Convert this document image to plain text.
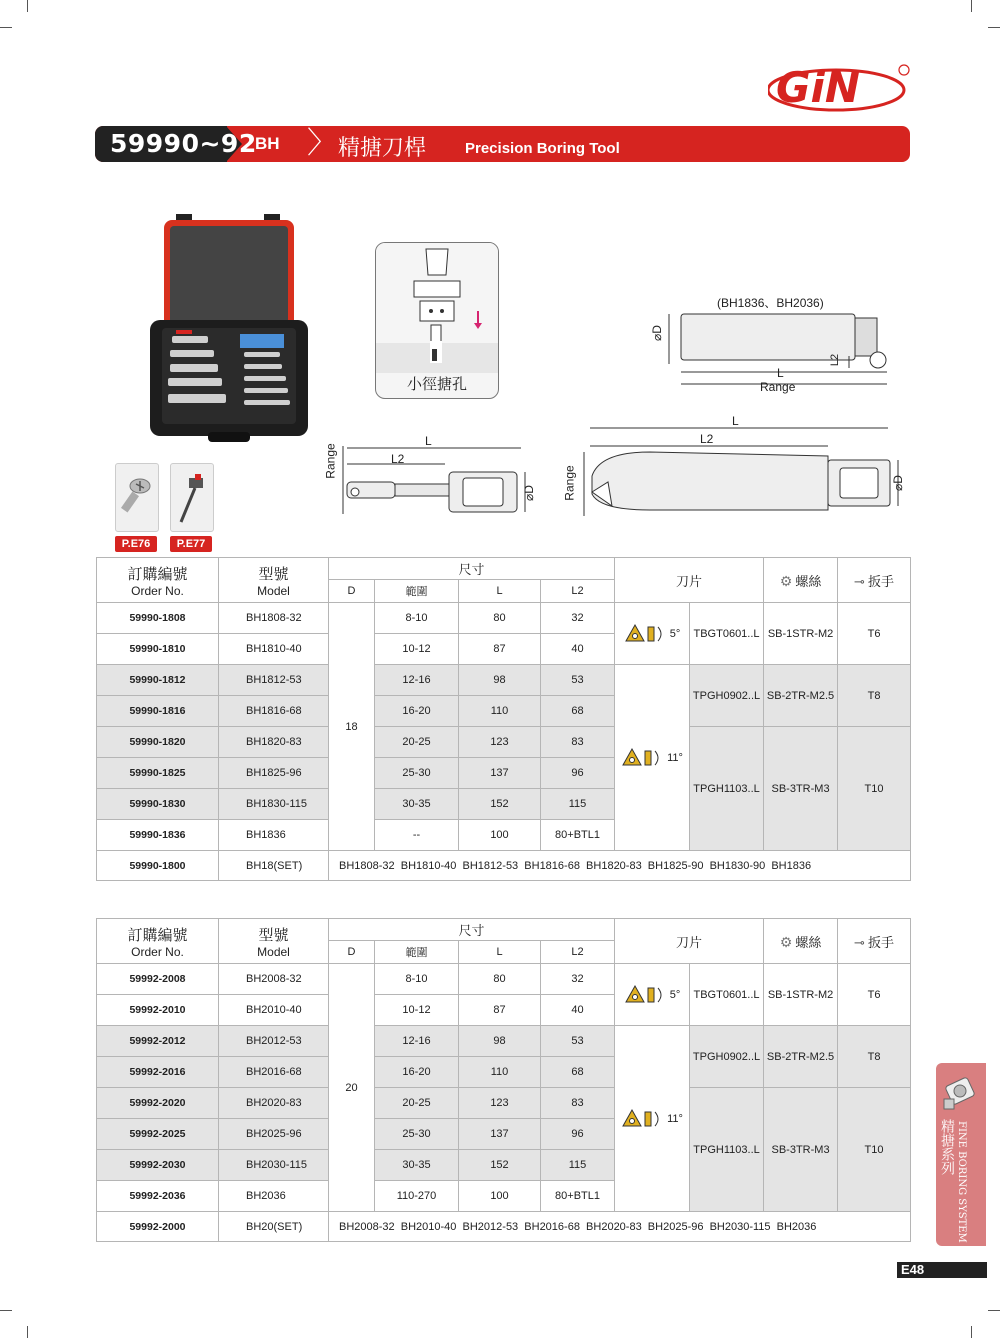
GiN
59990~92
BH 〉 精搪刀桿	Precision Boring Tool
P.E76	P.E77
小徑搪孔
(BH1836、BH2036)
⌀D
L2
L
Range
Range
L
L2
⌀D
L
L2
Range	⌀D
訂購編號
Order No.	型號
Model	尺寸				刀片		⚙ 螺絲	⊸ 扳手
		D	範圍	L	L2				
59990-1808	BH1808-32	18	8-10	80	32	5°	TBGT0601..L	SB-1STR-M2	T6
59990-1810	BH1810-40		10-12	87	40				
59990-1812	BH1812-53		12-16	98	53	11°	TPGH0902..L	SB-2TR-M2.5	T8
59990-1816	BH1816-68		16-20	110	68				
59990-1820	BH1820-83		20-25	123	83		TPGH1103..L	SB-3TR-M3	T10
59990-1825	BH1825-96		25-30	137	96				
59990-1830	BH1830-115		30-35	152	115				
59990-1836	BH1836		--	100	80+BTL1				
59990-1800	BH18(SET)	BH1808-32  BH1810-40  BH1812-53  BH1816-68  BH1820-83  BH1825-90  BH1830-90  BH1836							
訂購編號
Order No.	型號
Model	尺寸				刀片		⚙ 螺絲	⊸ 扳手
		D	範圍	L	L2				
59992-2008	BH2008-32	20	8-10	80	32	5°	TBGT0601..L	SB-1STR-M2	T6
59992-2010	BH2010-40		10-12	87	40				
59992-2012	BH2012-53		12-16	98	53	11°	TPGH0902..L	SB-2TR-M2.5	T8
59992-2016	BH2016-68		16-20	110	68				
59992-2020	BH2020-83		20-25	123	83		TPGH1103..L	SB-3TR-M3	T10
59992-2025	BH2025-96		25-30	137	96				
59992-2030	BH2030-115		30-35	152	115				
59992-2036	BH2036		110-270	100	80+BTL1				
59992-2000	BH20(SET)	BH2008-32  BH2010-40  BH2012-53  BH2016-68  BH2020-83  BH2025-96  BH2030-115  BH2036							
精搪系列 FINE BORING SYSTEM
E48
